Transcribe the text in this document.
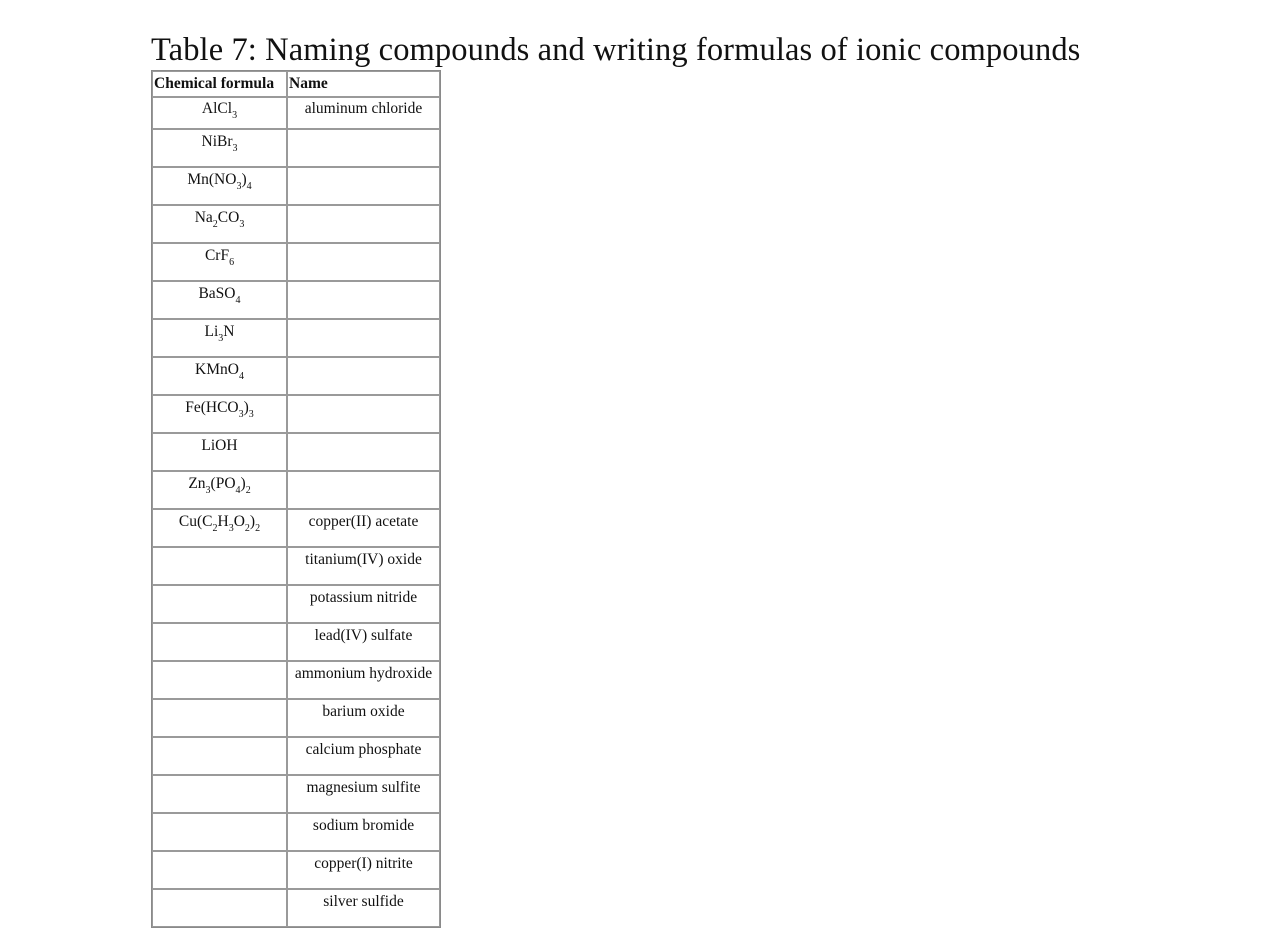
Table 7: Naming compounds and writing formulas of ionic compounds
Chemical formula	Name
AlCl$_3$	aluminum chloride
NiBr$_3$	
$Mn(NO_3)_4$	
$Na_2CO_3$	
CrF$_6$	
BaSO$_4$	
$Li_3N$	
KMnO$_4$	
$Fe(HCO_3)_3$	
LiOH	
$Zn_3(PO_4)_2$	
$Cu(C_2H_3O_2)_2$	copper(II) acetate
	titanium(IV) oxide
	potassium nitride
	lead(IV) sulfate
	ammonium hydroxide
	barium oxide
	calcium phosphate
	magnesium sulfite
	sodium bromide
	copper(I) nitrite
	silver sulfide
